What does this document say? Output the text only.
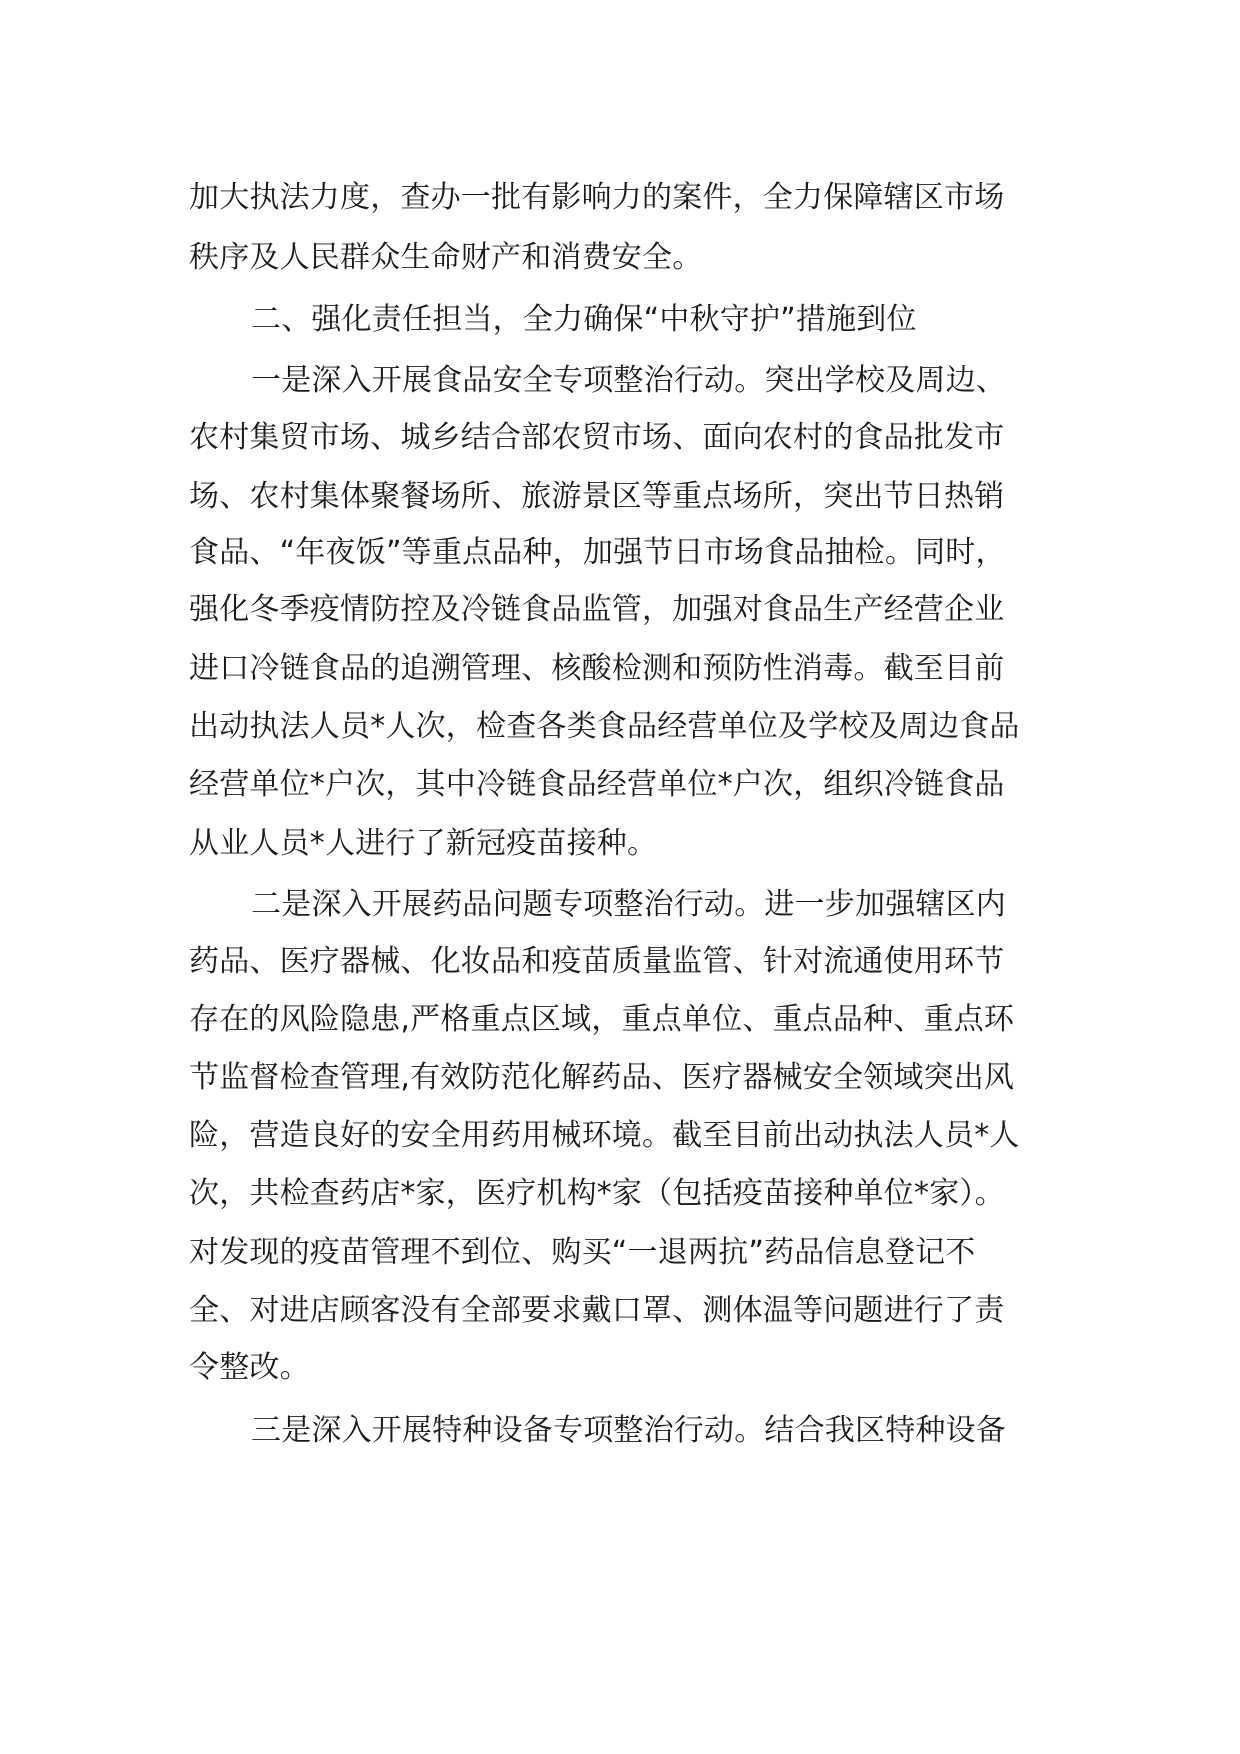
加大执法力度，查办一批有影响力的案件，全力保障辖区市场
秩序及人民群众生命财产和消费安全。
二、强化责任担当，全力确保“中秋守护”措施到位
一是深入开展食品安全专项整治行动。突出学校及周边、
农村集贸市场、城乡结合部农贸市场、面向农村的食品批发市
场、农村集体聚餐场所、旅游景区等重点场所，突出节日热销
食品、“年夜饭”等重点品种，加强节日市场食品抽检。同时，
强化冬季疫情防控及冷链食品监管，加强对食品生产经营企业
进口冷链食品的追溯管理、核酸检测和预防性消毒。截至目前
出动执法人员*人次，检查各类食品经营单位及学校及周边食品
经营单位*户次，其中冷链食品经营单位*户次，组织冷链食品
从业人员*人进行了新冠疫苗接种。
二是深入开展药品问题专项整治行动。进一步加强辖区内
药品、医疗器械、化妆品和疫苗质量监管、针对流通使用环节
存在的风险隐患,严格重点区域，重点单位、重点品种、重点环
节监督检查管理,有效防范化解药品、医疗器械安全领域突出风
险，营造良好的安全用药用械环境。截至目前出动执法人员*人
次，共检查药店*家，医疗机构*家（包括疫苗接种单位*家）。
对发现的疫苗管理不到位、购买“一退两抗”药品信息登记不
全、对进店顾客没有全部要求戴口罩、测体温等问题进行了责
令整改。
三是深入开展特种设备专项整治行动。结合我区特种设备
